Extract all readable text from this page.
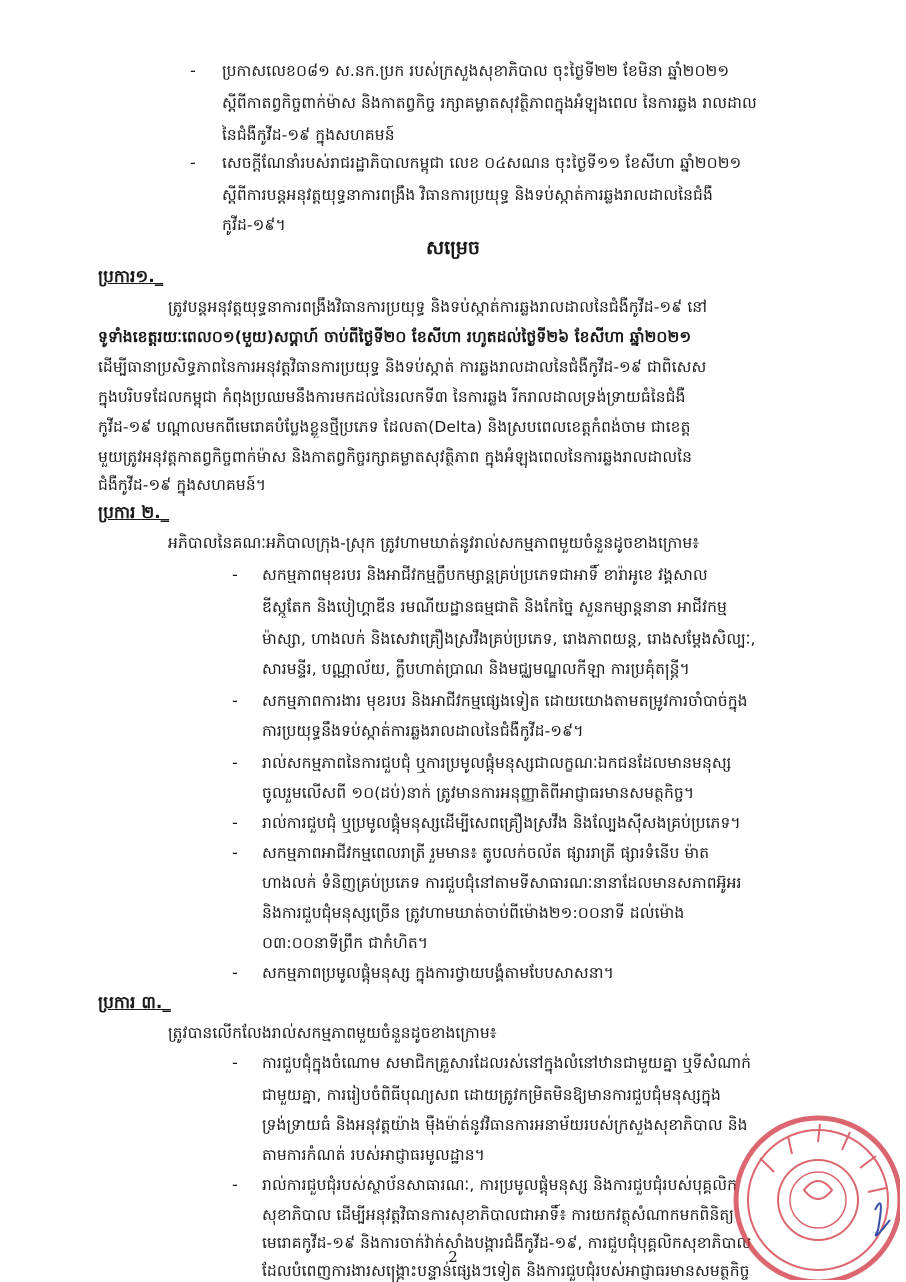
- ប្រកាសលេខ០៨១ ស.នក.ប្រក របស់ក្រសួងសុខាភិបាល ចុះថ្ងៃទី២២ ខែមិនា ឆ្នាំ២០២១
ស្ដីពីកាតព្វកិច្ចពាក់ម៉ាស និងកាតព្វកិច្ច រក្សាគម្លាតសុវត្ថិភាពក្នុងអំឡុងពេល នៃការឆ្លង រាលដាល
នៃជំងឺកូវីដ-១៩ ក្នុងសហគមន៍
- សេចក្ដីណែនាំរបស់រាជរដ្ឋាភិបាលកម្ពុជា លេខ ០៤សណន ចុះថ្ងៃទី១១ ខែសីហា ឆ្នាំ២០២១
ស្ដីពីការបន្តអនុវត្តយុទ្ធនាការពង្រឹង វិធានការប្រយុទ្ធ និងទប់ស្កាត់ការឆ្លងរាលដាលនៃជំងឺ
កូវីដ-១៩។
សម្រេច
ប្រការ១._
ត្រូវបន្តអនុវត្តយុទ្ធនាការពង្រឹងវិធានការប្រយុទ្ធ និងទប់ស្កាត់ការឆ្លងរាលដាលនៃជំងឺកូវីដ-១៩ នៅ
ទូទាំងខេត្តរយៈពេល០១(មួយ)សប្ដាហ៍ ចាប់ពីថ្ងៃទី២០ ខែសីហា រហូតដល់ថ្ងៃទី២៦ ខែសីហា ឆ្នាំ២០២១
ដើម្បីធានាប្រសិទ្ធភាពនៃការអនុវត្តវិធានការប្រយុទ្ធ និងទប់ស្កាត់ ការឆ្លងរាលដាលនៃជំងឺកូវីដ-១៩ ជាពិសេស
ក្នុងបរិបទដែលកម្ពុជា កំពុងប្រឈមនឹងការមកដល់នៃរលកទី៣ នៃការឆ្លង រីករាលដាលទ្រង់ទ្រាយធំនៃជំងឺ
កូវីដ-១៩ បណ្ដាលមកពីមេរោគបំប្លែងខ្លួនថ្មីប្រភេទ ដែលតា(Delta) និងស្របពេលខេត្តកំពង់ចាម ជាខេត្ត
មួយត្រូវអនុវត្តកាតព្វកិច្ចពាក់ម៉ាស និងកាតព្វកិច្ចរក្សាគម្លាតសុវត្ថិភាព ក្នុងអំឡុងពេលនៃការឆ្លងរាលដាលនៃ
ជំងឺកូវីដ-១៩ ក្នុងសហគមន៍។
ប្រការ ២._
អភិបាលនៃគណៈអភិបាលក្រុង-ស្រុក ត្រូវហាមឃាត់នូវរាល់សកម្មភាពមួយចំនួនដូចខាងក្រោម៖
- សកម្មភាពមុខរបរ និងអាជីវកម្មក្លឹបកម្សាន្តគ្រប់ប្រភេទជាអាទិ៍ ខារ៉ាអូខេ វង្គសាល
ឌីស្កូតែក និងបៀហ្គាឌីន រមណីយដ្ឋានធម្មជាតិ និងកែច្នៃ សួនកម្សាន្តនានា អាជីវកម្ម
ម៉ាស្សា, ហាងលក់ និងសេវាគ្រឿងស្រវឹងគ្រប់ប្រភេទ, រោងភាពយន្ត, រោងសម្ដែងសិល្បៈ,
សារមន្ទីរ, បណ្ណាល័យ, ក្លឹបហាត់ប្រាណ និងមជ្ឈមណ្ឌលកីឡា ការប្រគុំតន្ត្រី។
- សកម្មភាពការងារ មុខរបរ និងអាជីវកម្មផ្សេងទៀត ដោយយោងតាមតម្រូវការចាំបាច់ក្នុង
ការប្រយុទ្ធនឹងទប់ស្កាត់ការឆ្លងរាលដាលនៃជំងឺកូវីដ-១៩។
- រាល់សកម្មភាពនៃការជួបជុំ ឬការប្រមូលផ្ដុំមនុស្សជាលក្ខណៈឯកជនដែលមានមនុស្ស
ចូលរួមលើសពី ១០(ដប់)នាក់ ត្រូវមានការអនុញ្ញាតិពីអាជ្ញាធរមានសមត្ថកិច្ច។
- រាល់ការជួបជុំ ឬប្រមូលផ្ដុំមនុស្សដើម្បីសេពគ្រឿងស្រវឹង និងល្បែងស៊ីសងគ្រប់ប្រភេទ។
- សកម្មភាពអាជីវកម្មពេលរាត្រី រួមមាន៖ តូបលក់ចល័ត ផ្សាររាត្រី ផ្សារទំនើប ម៉ាត
ហាងលក់ ទំនិញគ្រប់ប្រភេទ ការជួបជុំនៅតាមទីសាធារណៈនានាដែលមានសភាពអ៊ូអរ
និងការជួបជុំមនុស្សច្រើន ត្រូវហាមឃាត់ចាប់ពីម៉ោង២១:០០នាទី ដល់ម៉ោង
០៣:០០នាទីព្រឹក ជាកំហិត។
- សកម្មភាពប្រមូលផ្ដុំមនុស្ស ក្នុងការថ្វាយបង្គំតាមបែបសាសនា។
ប្រការ ៣._
ត្រូវបានលើកលែងរាល់សកម្មភាពមួយចំនួនដូចខាងក្រោម៖
- ការជួបជុំក្នុងចំណោម សមាជិកគ្រួសារដែលរស់នៅក្នុងលំនៅឋានជាមួយគ្នា ឬទីសំណាក់
ជាមួយគ្នា, ការរៀបចំពិធីបុណ្យសព ដោយត្រូវកម្រិតមិនឱ្យមានការជួបជុំមនុស្សក្នុង
ទ្រង់ទ្រាយធំ និងអនុវត្តយ៉ាង មុឺងម៉ាត់នូវវិធានការអនាម័យរបស់ក្រសួងសុខាភិបាល និង
តាមការកំណត់ របស់អាជ្ញាធរមូលដ្ឋាន។
- រាល់ការជួបជុំរបស់ស្ថាប័នសាធារណៈ, ការប្រមូលផ្ដុំមនុស្ស និងការជួបជុំរបស់បុគ្គលិក
សុខាភិបាល ដើម្បីអនុវត្តវិធានការសុខាភិបាលជាអាទិ៍៖ ការយកវត្ថុសំណាកមកពិនិត្យ
មេរោគកូវីដ-១៩ និងការចាក់វ៉ាក់សាំងបង្ការជំងឺកូវីដ-១៩, ការជួបជុំបុគ្គលិកសុខាភិបាល
ដែលបំពេញការងារសង្គ្រោះបន្ទាន់ផ្សេងៗទៀត និងការជួបជុំរបស់អាជ្ញាធរមានសមត្ថកិច្ច
2
